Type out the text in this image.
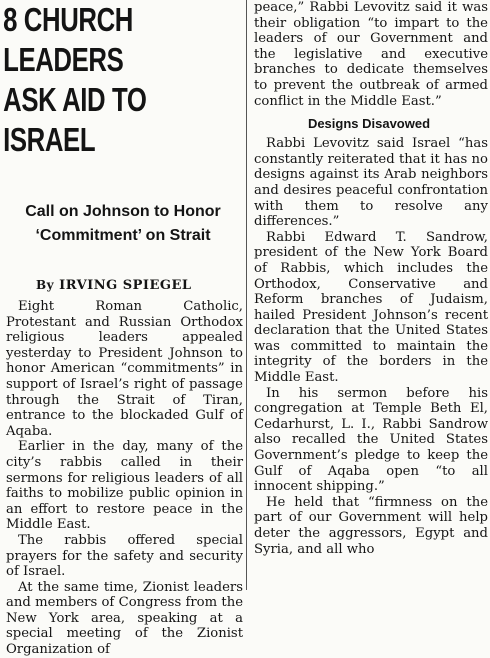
8 CHURCH LEADERS
ASK AID TO ISRAEL
Call on Johnson to Honor ‘Commitment’ on Strait
By IRVING SPIEGEL

Eight Roman Catholic, Protestant and Russian Orthodox religious leaders appealed yesterday to President Johnson to honor American “commitments” in support of Israel’s right of passage through the Strait of Tiran, entrance to the blockaded Gulf of Aqaba.

Earlier in the day, many of the city’s rabbis called in their sermons for religious leaders of all faiths to mobilize public opinion in an effort to restore peace in the Middle East.

The rabbis offered special prayers for the safety and security of Israel.

At the same time, Zionist leaders and members of Congress from the New York area, speaking at a special meeting of the Zionist Organization of

peace,” Rabbi Levovitz said it was their obligation “to impart to the leaders of our Government and the legislative and executive branches to dedicate themselves to prevent the outbreak of armed conflict in the Middle East.”

Designs Disavowed

Rabbi Levovitz said Israel “has constantly reiterated that it has no designs against its Arab neighbors and desires peaceful confrontation with them to resolve any differences.”

Rabbi Edward T. Sandrow, president of the New York Board of Rabbis, which includes the Orthodox, Conservative and Reform branches of Judaism, hailed President Johnson’s recent declaration that the United States was committed to maintain the integrity of the borders in the Middle East.

In his sermon before his congregation at Temple Beth El, Cedarhurst, L. I., Rabbi Sandrow also recalled the United States Government’s pledge to keep the Gulf of Aqaba open “to all innocent shipping.”

He held that “firmness on the part of our Government will help deter the aggressors, Egypt and Syria, and all who
